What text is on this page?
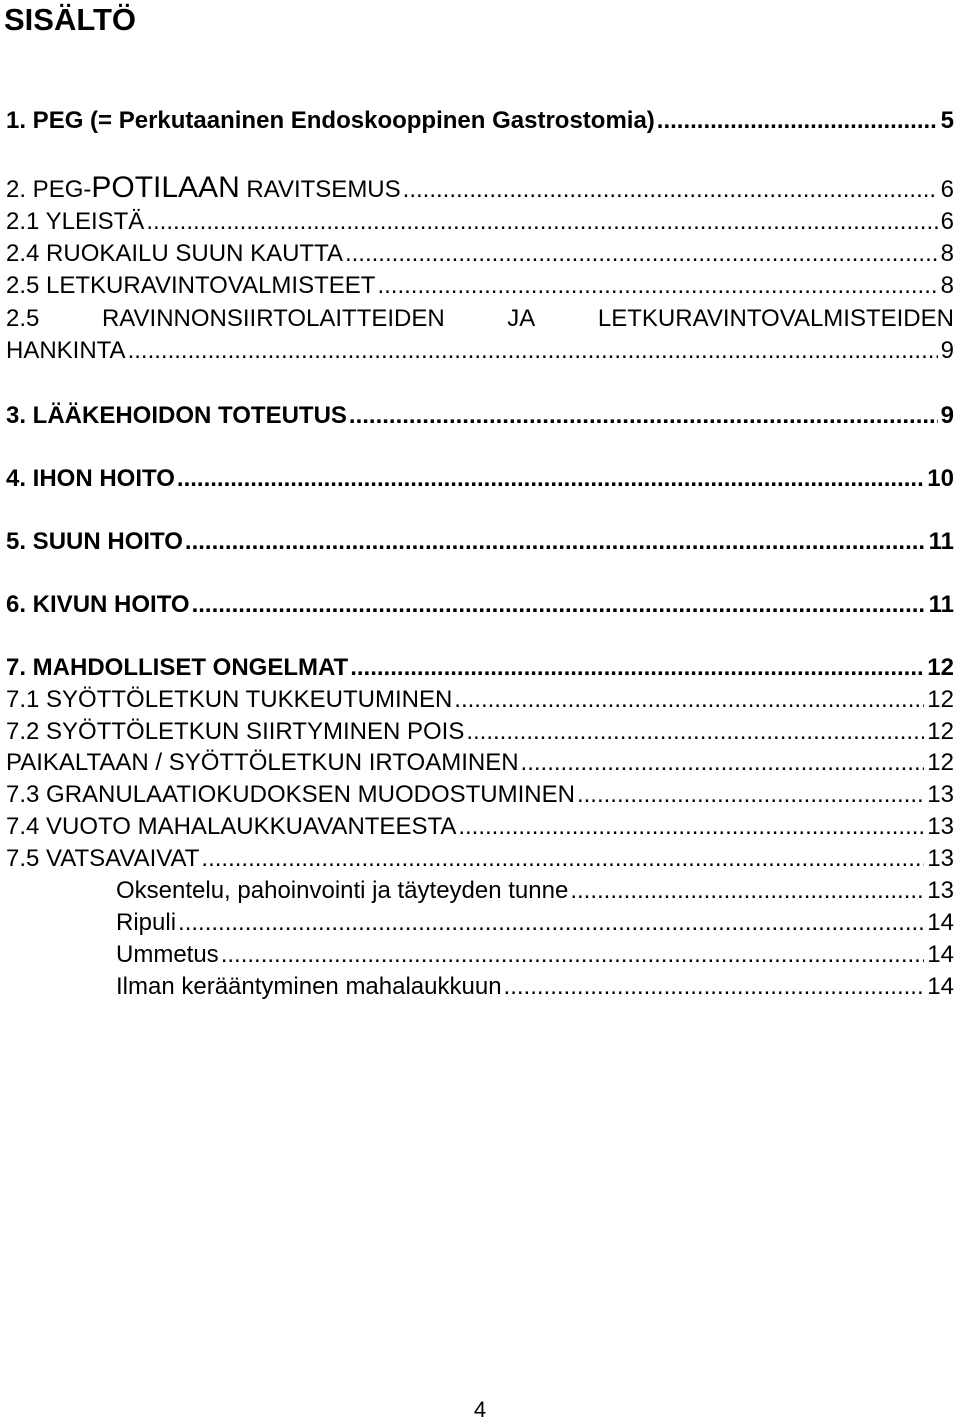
SISÄLTÖ
1. PEG (= Perkutaaninen Endoskooppinen Gastrostomia) .....	5
2. PEG-POTILAAN RAVITSEMUS .....	6
2.1 YLEISTÄ .....	6
2.4 RUOKAILU SUUN KAUTTA .....	8
2.5 LETKURAVINTOVALMISTEET .....	8
2.5	RAVINNONSIIRTOLAITTEIDEN	JA	LETKURAVINTOVALMISTEIDEN
HANKINTA .....	9
3. LÄÄKEHOIDON TOTEUTUS .....	9
4. IHON HOITO .....	10
5. SUUN HOITO .....	11
6. KIVUN HOITO .....	11
7. MAHDOLLISET ONGELMAT .....	12
7.1 SYÖTTÖLETKUN TUKKEUTUMINEN .....	12
7.2 SYÖTTÖLETKUN SIIRTYMINEN POIS .....	12
PAIKALTAAN / SYÖTTÖLETKUN IRTOAMINEN .....	12
7.3 GRANULAATIOKUDOKSEN MUODOSTUMINEN .....	13
7.4 VUOTO MAHALAUKKUAVANTEESTA .....	13
7.5 VATSAVAIVAT .....	13
Oksentelu, pahoinvointi ja täyteyden tunne .....	13
Ripuli .....	14
Ummetus .....	14
Ilman kerääntyminen mahalaukkuun .....	14
4
